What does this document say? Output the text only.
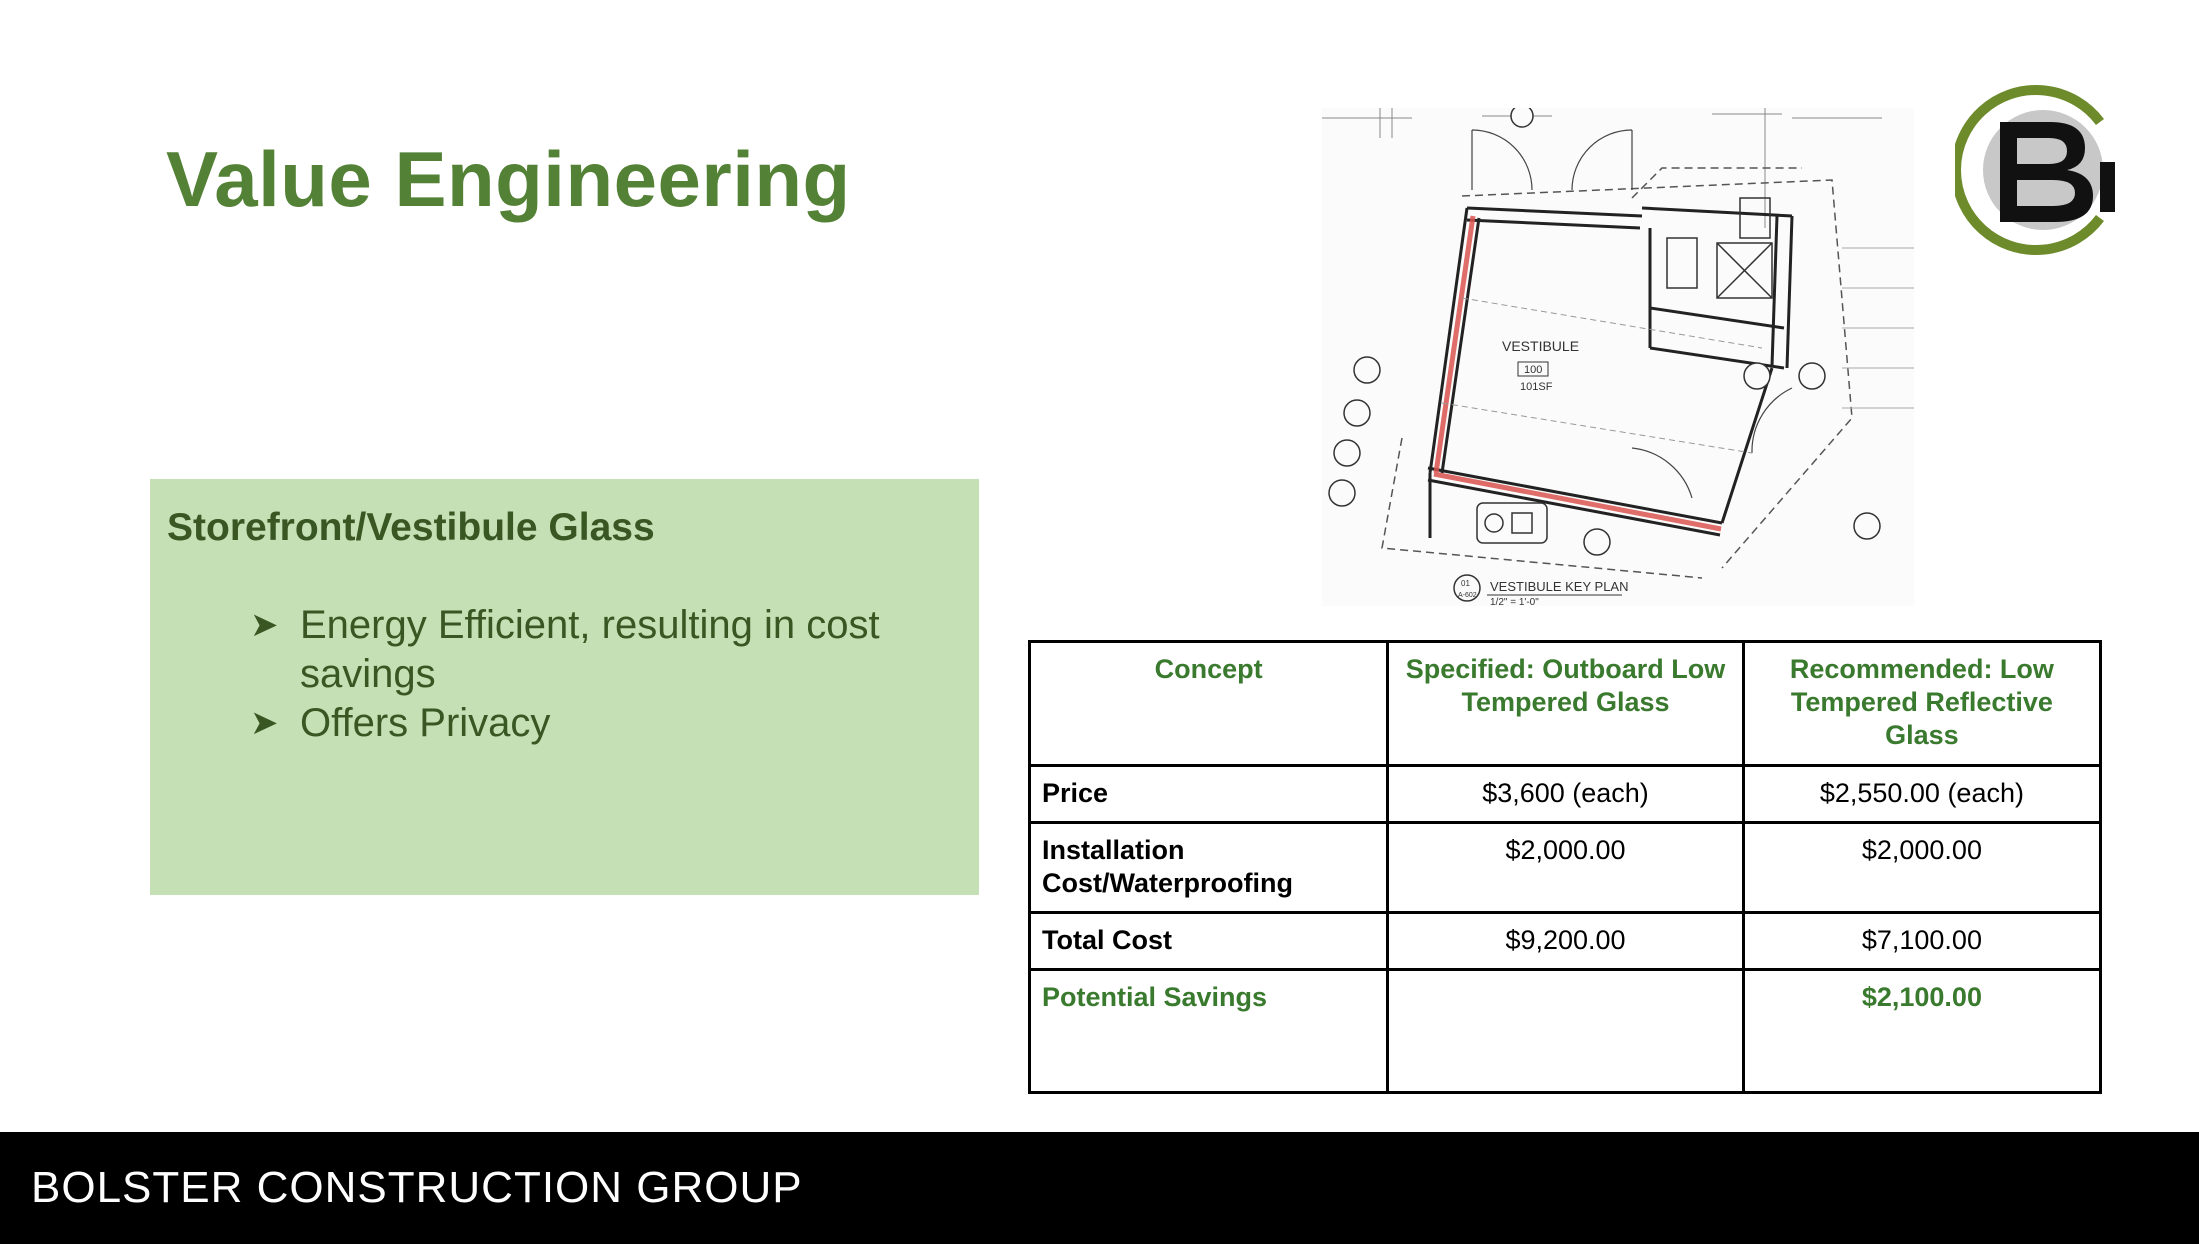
Value Engineering
Storefront/Vestibule Glass
➤ Energy Efficient, resulting in cost savings
➤ Offers Privacy
VESTIBULE
100
101SF
VESTIBULE KEY PLAN
1/2" = 1'-0"
01
A-602
Concept	Specified: Outboard Low Tempered Glass	Recommended: Low Tempered Reflective Glass
Price	$3,600 (each)	$2,550.00 (each)
Installation Cost/Waterproofing	$2,000.00	$2,000.00
Total Cost	$9,200.00	$7,100.00
Potential Savings		$2,100.00
BOLSTER CONSTRUCTION GROUP
